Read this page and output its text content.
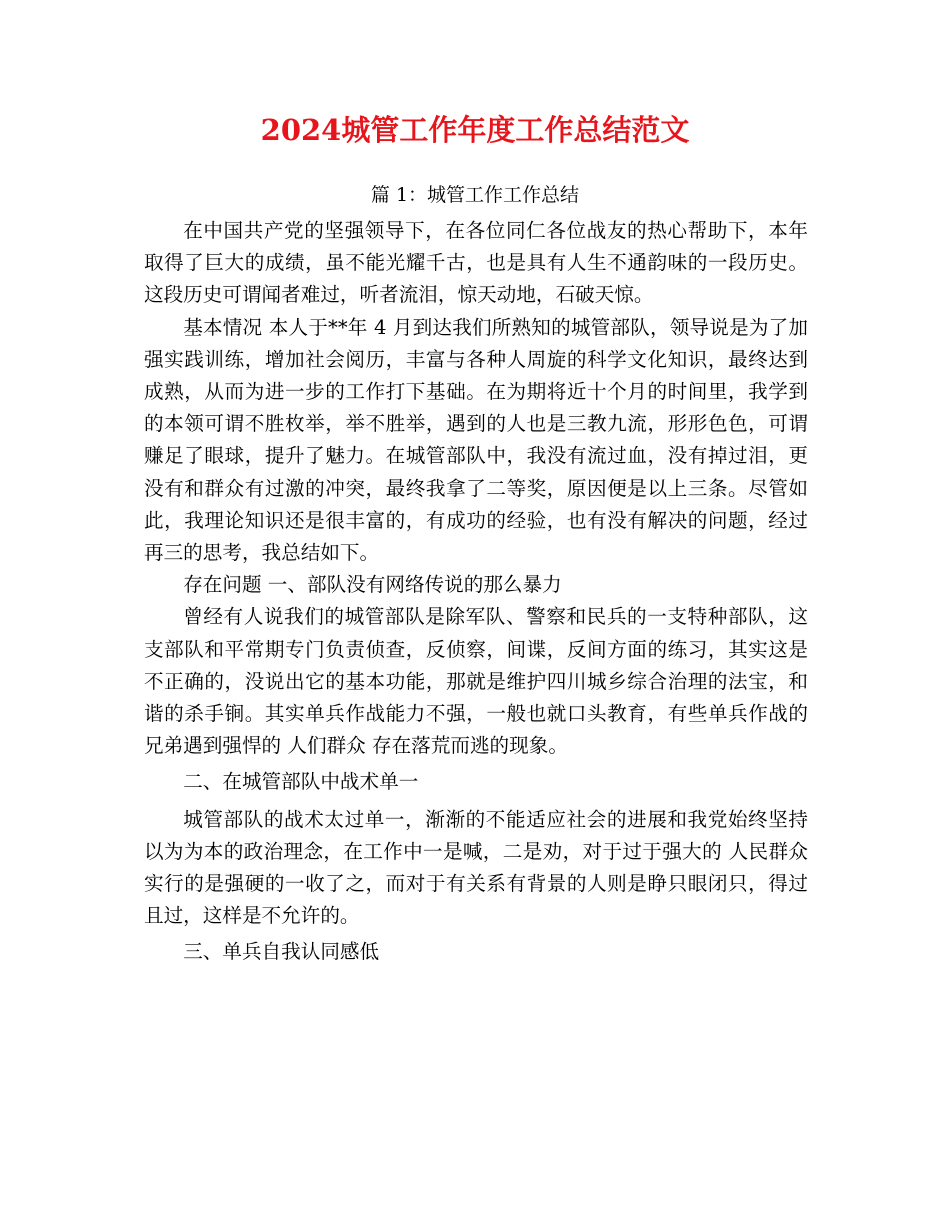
2024城管工作年度工作总结范文

篇 1：城管工作工作总结

在中国共产党的坚强领导下，在各位同仁各位战友的热心帮助下，本年取得了巨大的成绩，虽不能光耀千古，也是具有人生不通韵味的一段历史。这段历史可谓闻者难过，听者流泪，惊天动地，石破天惊。

基本情况 本人于**年 4 月到达我们所熟知的城管部队，领导说是为了加强实践训练，增加社会阅历，丰富与各种人周旋的科学文化知识，最终达到成熟，从而为进一步的工作打下基础。在为期将近十个月的时间里，我学到的本领可谓不胜枚举，举不胜举，遇到的人也是三教九流，形形色色，可谓赚足了眼球，提升了魅力。在城管部队中，我没有流过血，没有掉过泪，更没有和群众有过激的冲突，最终我拿了二等奖，原因便是以上三条。尽管如此，我理论知识还是很丰富的，有成功的经验，也有没有解决的问题，经过再三的思考，我总结如下。

存在问题 一、部队没有网络传说的那么暴力

曾经有人说我们的城管部队是除军队、警察和民兵的一支特种部队，这支部队和平常期专门负责侦查，反侦察，间谍，反间方面的练习，其实这是不正确的，没说出它的基本功能，那就是维护四川城乡综合治理的法宝，和谐的杀手锏。其实单兵作战能力不强，一般也就口头教育，有些单兵作战的兄弟遇到强悍的 人们群众 存在落荒而逃的现象。

二、在城管部队中战术单一

城管部队的战术太过单一，渐渐的不能适应社会的进展和我党始终坚持以为为本的政治理念，在工作中一是喊，二是劝，对于过于强大的 人民群众 实行的是强硬的一收了之，而对于有关系有背景的人则是睁只眼闭只，得过且过，这样是不允许的。

三、单兵自我认同感低
